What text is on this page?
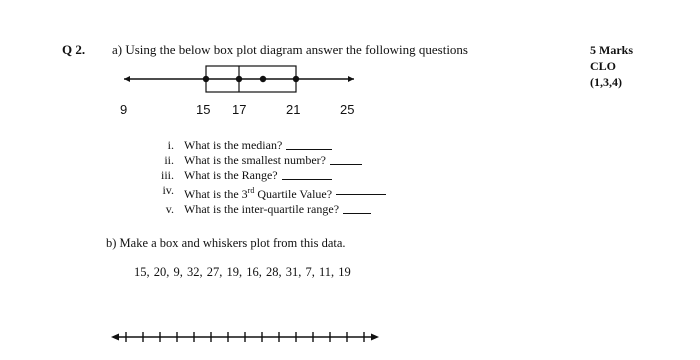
Q 2. a) Using the below box plot diagram answer the following questions	5 Marks
CLO
(1,3,4)
9	15 17	21	25
i. What is the median?
ii. What is the smallest number?
iii. What is the Range?
iv. What is the 3rd Quartile Value?
v. What is the inter-quartile range?
b) Make a box and whiskers plot from this data.
15, 20, 9, 32, 27, 19, 16, 28, 31, 7, 11, 19
